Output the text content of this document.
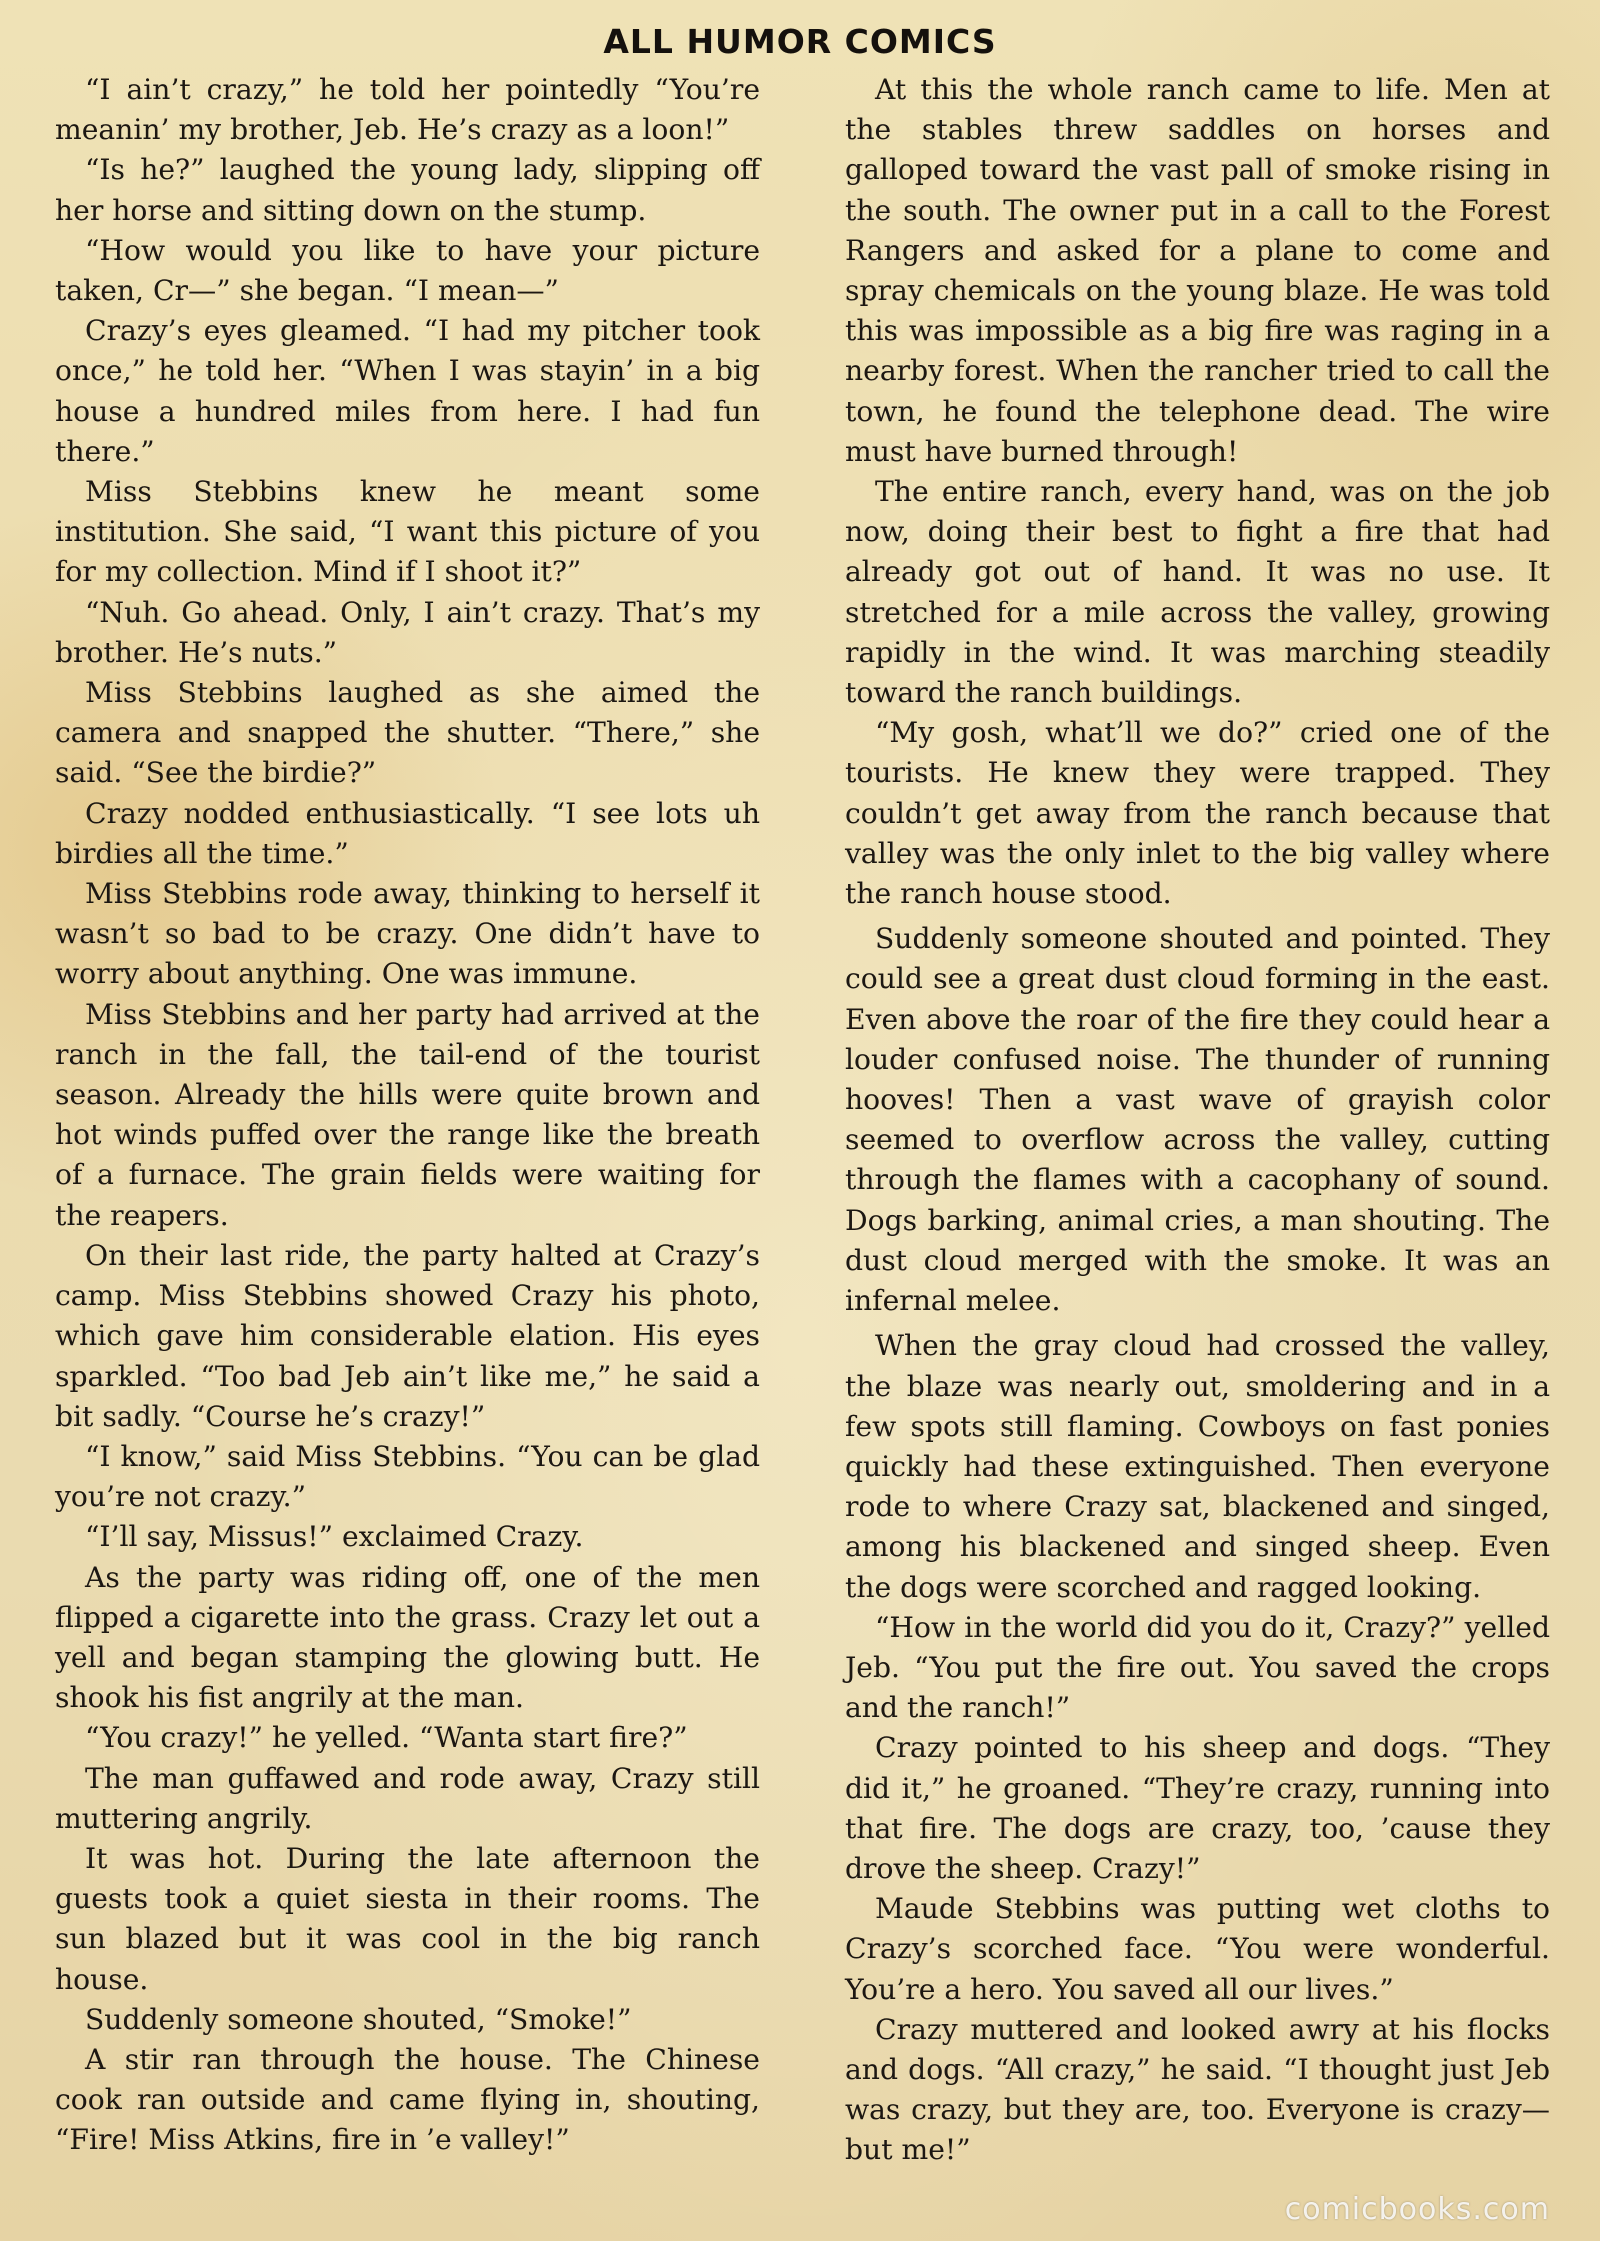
ALL HUMOR COMICS

“I ain’t crazy,” he told her pointedly “You’re meanin’ my brother, Jeb. He’s crazy as a loon!”

“Is he?” laughed the young lady, slipping off her horse and sitting down on the stump.

“How would you like to have your picture taken, Cr—” she began. “I mean—”

Crazy’s eyes gleamed. “I had my pitcher took once,” he told her. “When I was stayin’ in a big house a hundred miles from here. I had fun there.”

Miss Stebbins knew he meant some institution. She said, “I want this picture of you for my collection. Mind if I shoot it?”

“Nuh. Go ahead. Only, I ain’t crazy. That’s my brother. He’s nuts.”

Miss Stebbins laughed as she aimed the camera and snapped the shutter. “There,” she said. “See the birdie?”

Crazy nodded enthusiastically. “I see lots uh birdies all the time.”

Miss Stebbins rode away, thinking to herself it wasn’t so bad to be crazy. One didn’t have to worry about anything. One was immune.

Miss Stebbins and her party had arrived at the ranch in the fall, the tail-end of the tourist season. Already the hills were quite brown and hot winds puffed over the range like the breath of a furnace. The grain fields were waiting for the reapers.

On their last ride, the party halted at Crazy’s camp. Miss Stebbins showed Crazy his photo, which gave him considerable elation. His eyes sparkled. “Too bad Jeb ain’t like me,” he said a bit sadly. “Course he’s crazy!”

“I know,” said Miss Stebbins. “You can be glad you’re not crazy.”

“I’ll say, Missus!” exclaimed Crazy.

As the party was riding off, one of the men flipped a cigarette into the grass. Crazy let out a yell and began stamping the glowing butt. He shook his fist angrily at the man.

“You crazy!” he yelled. “Wanta start fire?”

The man guffawed and rode away, Crazy still muttering angrily.

It was hot. During the late afternoon the guests took a quiet siesta in their rooms. The sun blazed but it was cool in the big ranch house.

Suddenly someone shouted, “Smoke!”

A stir ran through the house. The Chinese cook ran outside and came flying in, shouting, “Fire! Miss Atkins, fire in ’e valley!”

At this the whole ranch came to life. Men at the stables threw saddles on horses and galloped toward the vast pall of smoke rising in the south. The owner put in a call to the Forest Rangers and asked for a plane to come and spray chemicals on the young blaze. He was told this was impossible as a big fire was raging in a nearby forest. When the rancher tried to call the town, he found the telephone dead. The wire must have burned through!

The entire ranch, every hand, was on the job now, doing their best to fight a fire that had already got out of hand. It was no use. It stretched for a mile across the valley, growing rapidly in the wind. It was marching steadily toward the ranch buildings.

“My gosh, what’ll we do?” cried one of the tourists. He knew they were trapped. They couldn’t get away from the ranch because that valley was the only inlet to the big valley where the ranch house stood.

Suddenly someone shouted and pointed. They could see a great dust cloud forming in the east. Even above the roar of the fire they could hear a louder confused noise. The thunder of running hooves! Then a vast wave of grayish color seemed to overflow across the valley, cutting through the flames with a cacophany of sound. Dogs barking, animal cries, a man shouting. The dust cloud merged with the smoke. It was an infernal melee.

When the gray cloud had crossed the valley, the blaze was nearly out, smoldering and in a few spots still flaming. Cowboys on fast ponies quickly had these extinguished. Then everyone rode to where Crazy sat, blackened and singed, among his blackened and singed sheep. Even the dogs were scorched and ragged looking.

“How in the world did you do it, Crazy?” yelled Jeb. “You put the fire out. You saved the crops and the ranch!”

Crazy pointed to his sheep and dogs. “They did it,” he groaned. “They’re crazy, running into that fire. The dogs are crazy, too, ’cause they drove the sheep. Crazy!”

Maude Stebbins was putting wet cloths to Crazy’s scorched face. “You were wonderful. You’re a hero. You saved all our lives.”

Crazy muttered and looked awry at his flocks and dogs. “All crazy,” he said. “I thought just Jeb was crazy, but they are, too. Everyone is crazy—but me!”

comicbooks.com
